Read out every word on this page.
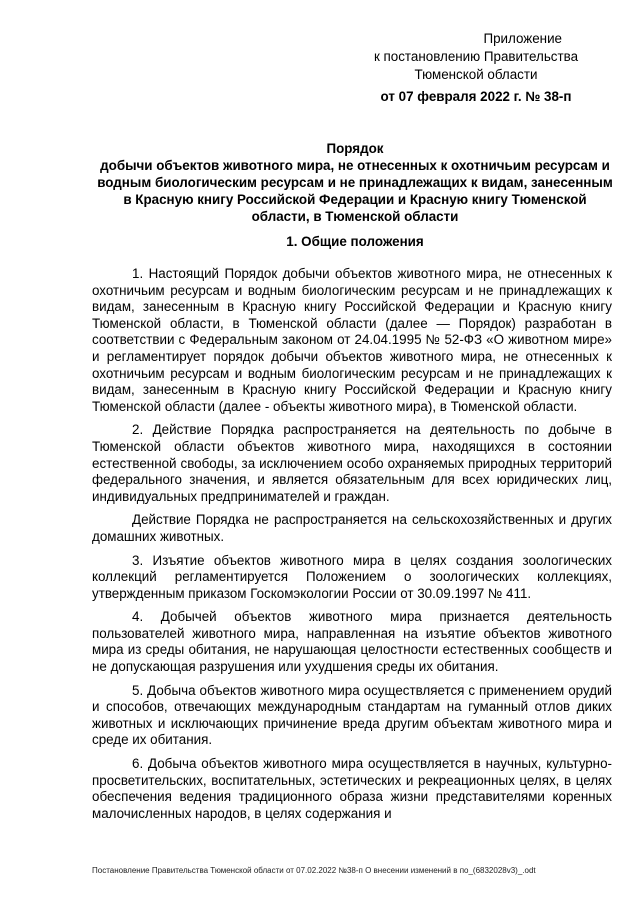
Приложение
к постановлению Правительства
Тюменской области
от 07 февраля 2022 г. № 38-п
Порядок
добычи объектов животного мира, не отнесенных к охотничьим ресурсам и водным биологическим ресурсам и не принадлежащих к видам, занесенным в Красную книгу Российской Федерации и Красную книгу Тюменской области, в Тюменской области
1. Общие положения

1. Настоящий Порядок добычи объектов животного мира, не отнесенных к охотничьим ресурсам и водным биологическим ресурсам и не принадлежащих к видам, занесенным в Красную книгу Российской Федерации и Красную книгу Тюменской области, в Тюменской области (далее — Порядок) разработан в соответствии с Федеральным законом от 24.04.1995 № 52-ФЗ «О животном мире» и регламентирует порядок добычи объектов животного мира, не отнесенных к охотничьим ресурсам и водным биологическим ресурсам и не принадлежащих к видам, занесенным в Красную книгу Российской Федерации и Красную книгу Тюменской области (далее - объекты животного мира), в Тюменской области.

2. Действие Порядка распространяется на деятельность по добыче в Тюменской области объектов животного мира, находящихся в состоянии естественной свободы, за исключением особо охраняемых природных территорий федерального значения, и является обязательным для всех юридических лиц, индивидуальных предпринимателей и граждан.

Действие Порядка не распространяется на сельскохозяйственных и других домашних животных.

3. Изъятие объектов животного мира в целях создания зоологических коллекций регламентируется Положением о зоологических коллекциях, утвержденным приказом Госкомэкологии России от 30.09.1997 № 411.

4. Добычей объектов животного мира признается деятельность пользователей животного мира, направленная на изъятие объектов животного мира из среды обитания, не нарушающая целостности естественных сообществ и не допускающая разрушения или ухудшения среды их обитания.

5. Добыча объектов животного мира осуществляется с применением орудий и способов, отвечающих международным стандартам на гуманный отлов диких животных и исключающих причинение вреда другим объектам животного мира и среде их обитания.

6. Добыча объектов животного мира осуществляется в научных, культурно-просветительских, воспитательных, эстетических и рекреационных целях, в целях обеспечения ведения традиционного образа жизни представителями коренных малочисленных народов, в целях содержания и

Постановление Правительства Тюменской области от 07.02.2022 №38-п О внесении изменений в по_(6832028v3)_.odt
